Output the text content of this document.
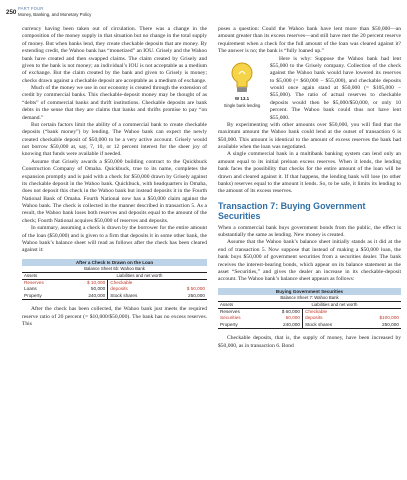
250
PART FOUR
Money, Banking, and Monetary Policy

currency having been taken out of circulation. There was a change in the composition of the money supply in that situation but no change in the total supply of money. But when banks lend, they create checkable deposits that are money. By extending credit, the Wahoo bank has “monetized” an IOU. Grisely and the Wahoo bank have created and then swapped claims. The claim created by Grisely and given to the bank is not money; an individual’s IOU is not acceptable as a medium of exchange. But the claim created by the bank and given to Grisely is money; checks drawn against a checkable deposit are acceptable as a medium of exchange.

Much of the money we use in our economy is created through the extension of credit by commercial banks. This checkable-deposit money may be thought of as “debts” of commercial banks and thrift institutions. Checkable deposits are bank debts in the sense that they are claims that banks and thrifts promise to pay “on demand.”

But certain factors limit the ability of a commercial bank to create checkable deposits (“bank money”) by lending. The Wahoo bank can expect the newly created checkable deposit of $50,000 to be a very active account. Grisely would not borrow $50,000 at, say, 7, 10, or 12 percent interest for the sheer joy of knowing that funds were available if needed.

Assume that Grisely awards a $50,000 building contract to the Quickbuck Construction Company of Omaha. Quickbuck, true to its name, completes the expansion promptly and is paid with a check for $50,000 drawn by Grisely against its checkable deposit in the Wahoo bank. Quickbuck, with headquarters in Omaha, does not deposit this check in the Wahoo bank but instead deposits it in the Fourth National Bank of Omaha. Fourth National now has a $50,000 claim against the Wahoo bank. The check is collected in the manner described in transaction 5. As a result, the Wahoo bank loses both reserves and deposits equal to the amount of the check; Fourth National acquires $50,000 of reserves and deposits.

In summary, assuming a check is drawn by the borrower for the entire amount of the loan ($50,000) and is given to a firm that deposits it in some other bank, the Wahoo bank’s balance sheet will read as follows after the check has been cleared against it:

After a Check Is Drawn on the Loan
Balance Sheet 6b: Wahoo Bank
Assets	Liabilities and net worth
Reserves	$ 10,000	Checkable	
Loans	50,000	deposits	$ 50,000
Property	240,000	Stock shares	250,000

After the check has been collected, the Wahoo bank just meets the required reserve ratio of 20 percent (= $10,000/$50,000). The bank has no excess reserves. This

poses a question: Could the Wahoo bank have lent more than $50,000—an amount greater than its excess reserves—and still have met the 20 percent reserve requirement when a check for the full amount of the loan was cleared against it? The answer is no; the bank is “fully loaned up.”

W 13.1
Single bank lending

Here is why: Suppose the Wahoo bank had lent $55,000 to the Grisely company. Collection of the check against the Wahoo bank would have lowered its reserves to $5,000 (= $60,000 − $55,000), and checkable deposits would once again stand at $50,000 (= $105,000 − $55,000). The ratio of actual reserves to checkable deposits would then be $5,000/$50,000, or only 10 percent. The Wahoo bank could thus not have lent $55,000.

By experimenting with other amounts over $50,000, you will find that the maximum amount the Wahoo bank could lend at the outset of transaction 6 is $50,000. This amount is identical to the amount of excess reserves the bank had available when the loan was negotiated.

A single commercial bank in a multibank banking system can lend only an amount equal to its initial preloan excess reserves. When it lends, the lending bank faces the possibility that checks for the entire amount of the loan will be drawn and cleared against it. If that happens, the lending bank will lose (to other banks) reserves equal to the amount it lends. So, to be safe, it limits its lending to the amount of its excess reserves.

Transaction 7: Buying Government Securities

When a commercial bank buys government bonds from the public, the effect is substantially the same as lending. New money is created.

Assume that the Wahoo bank’s balance sheet initially stands as it did at the end of transaction 5. Now suppose that instead of making a $50,000 loan, the bank buys $50,000 of government securities from a securities dealer. The bank receives the interest-bearing bonds, which appear on its balance statement as the asset “Securities,” and gives the dealer an increase in its checkable-deposit account. The Wahoo bank’s balance sheet appears as follows:

Buying Government Securities
Balance Sheet 7: Wahoo Bank
Assets	Liabilities and net worth
Reserves	$ 60,000	Checkable	
Securities	50,000	deposits	$100,000
Property	240,000	Stock shares	250,000

Checkable deposits, that is, the supply of money, have been increased by $50,000, as in transaction 6. Bond
